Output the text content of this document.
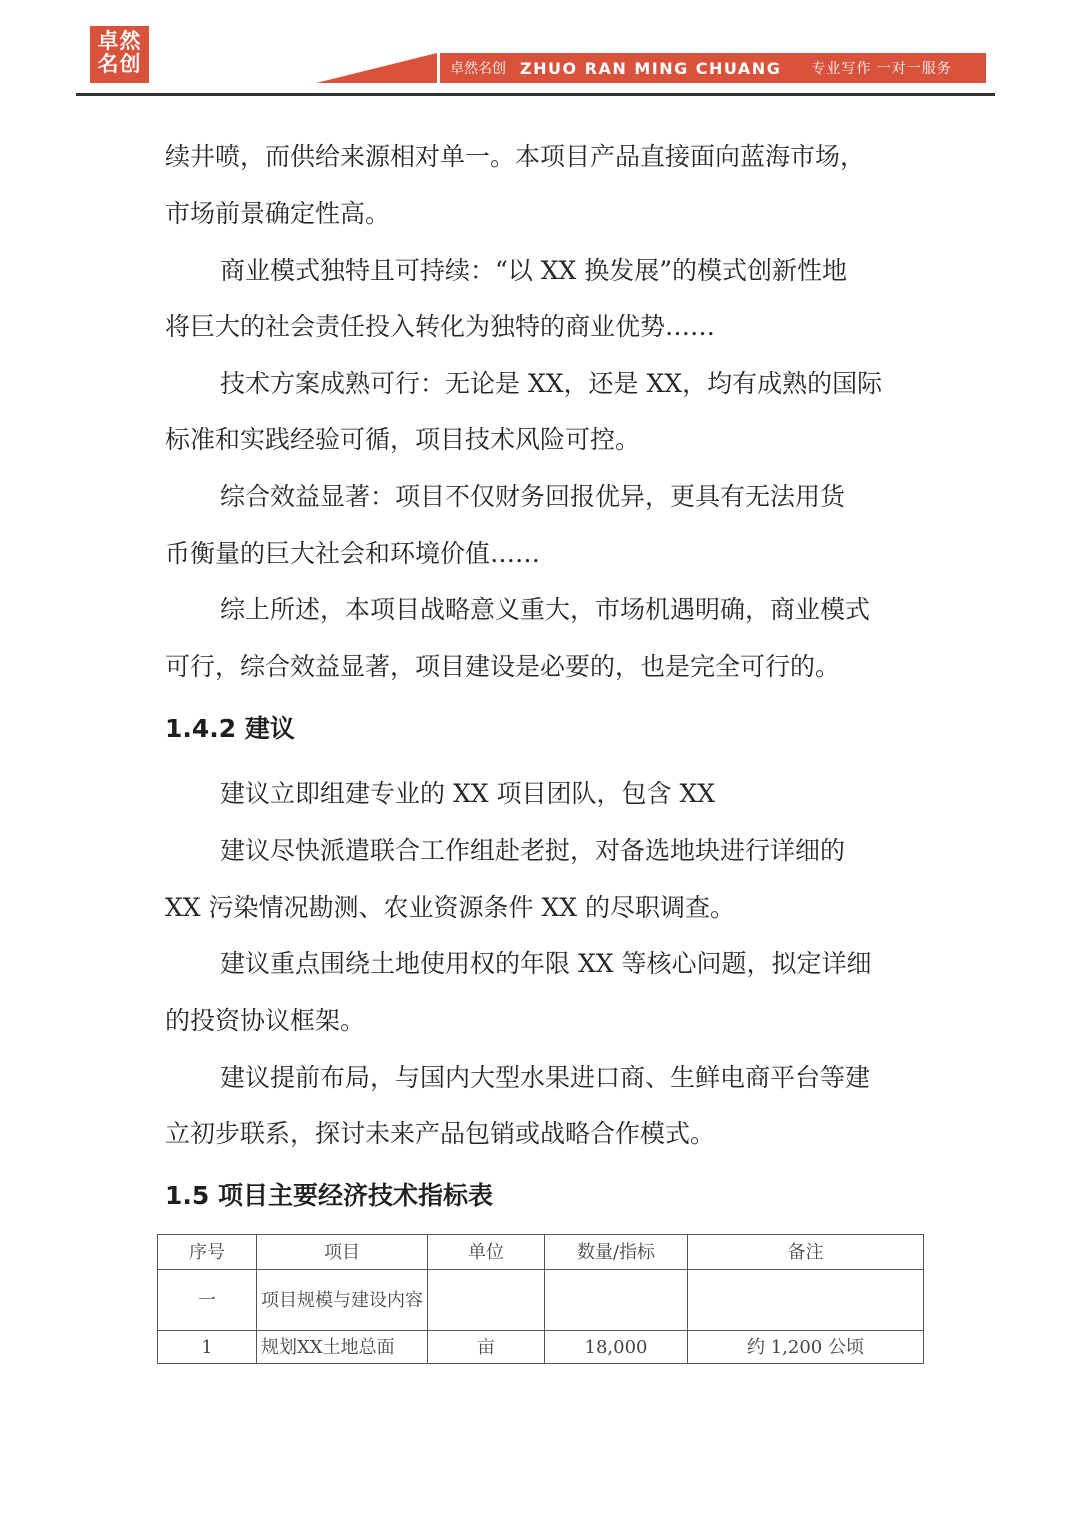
卓然
名创	卓然名创 ZHUO RAN MING CHUANG 专业写作 一对一服务
续井喷，而供给来源相对单一。本项目产品直接面向蓝海市场，
市场前景确定性高。
商业模式独特且可持续：“以 XX 换发展”的模式创新性地
将巨大的社会责任投入转化为独特的商业优势……
技术方案成熟可行：无论是 XX，还是 XX，均有成熟的国际
标准和实践经验可循，项目技术风险可控。
综合效益显著：项目不仅财务回报优异，更具有无法用货
币衡量的巨大社会和环境价值……
综上所述，本项目战略意义重大，市场机遇明确，商业模式
可行，综合效益显著，项目建设是必要的，也是完全可行的。
1.4.2 建议
建议立即组建专业的 XX 项目团队，包含 XX
建议尽快派遣联合工作组赴老挝，对备选地块进行详细的
XX 污染情况勘测、农业资源条件 XX 的尽职调查。
建议重点围绕土地使用权的年限 XX 等核心问题，拟定详细
的投资协议框架。
建议提前布局，与国内大型水果进口商、生鲜电商平台等建
立初步联系，探讨未来产品包销或战略合作模式。
1.5 项目主要经济技术指标表
序号	项目	单位	数量/指标	备注
一	项目规模与建设内容			
1	规划XX土地总面	亩	18,000	约 1,200 公顷
